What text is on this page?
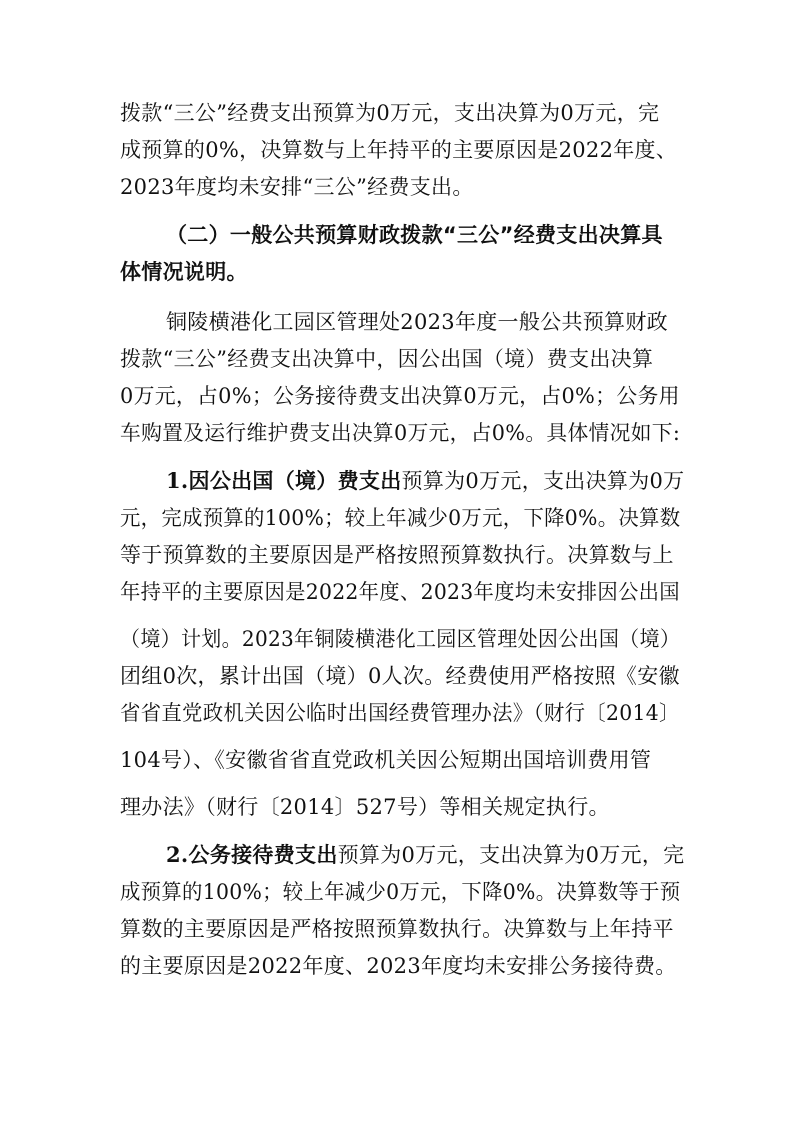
拨款“三公”经费支出预算为0万元，支出决算为0万元，完
成预算的0%，决算数与上年持平的主要原因是2022年度、
2023年度均未安排“三公”经费支出。
（二）一般公共预算财政拨款“三公”经费支出决算具
体情况说明。
铜陵横港化工园区管理处2023年度一般公共预算财政
拨款“三公”经费支出决算中，因公出国（境）费支出决算
0万元，占0%；公务接待费支出决算0万元，占0%；公务用
车购置及运行维护费支出决算0万元，占0%。具体情况如下:
1.因公出国（境）费支出预算为0万元，支出决算为0万
元，完成预算的100%；较上年减少0万元，下降0%。决算数
等于预算数的主要原因是严格按照预算数执行。决算数与上
年持平的主要原因是2022年度、2023年度均未安排因公出国
（境）计划。2023年铜陵横港化工园区管理处因公出国（境）
团组0次，累计出国（境）0人次。经费使用严格按照《安徽
省省直党政机关因公临时出国经费管理办法》（财行〔2014〕
104号）、《安徽省省直党政机关因公短期出国培训费用管
理办法》（财行〔2014〕527号）等相关规定执行。
2.公务接待费支出预算为0万元，支出决算为0万元，完
成预算的100%；较上年减少0万元，下降0%。决算数等于预
算数的主要原因是严格按照预算数执行。决算数与上年持平
的主要原因是2022年度、2023年度均未安排公务接待费。
